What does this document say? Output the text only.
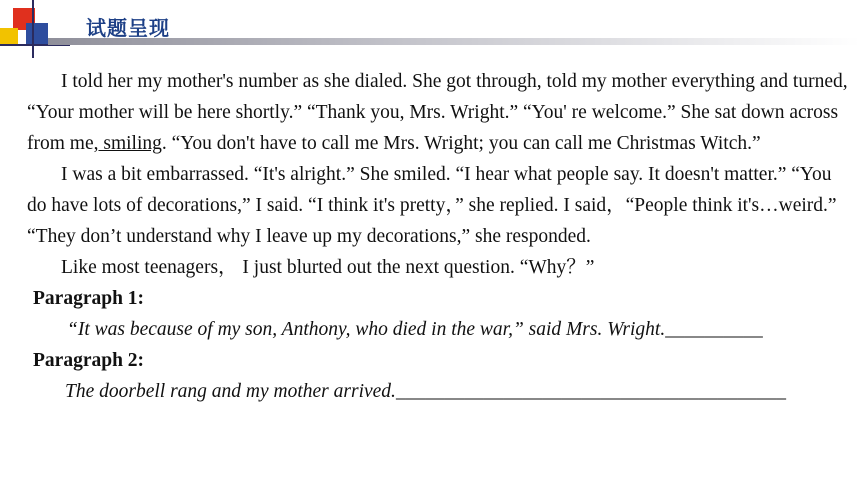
试题呈现

I told her my mother's number as she dialed. She got through, told my mother everything and turned, “Your mother will be here shortly.” “Thank you, Mrs. Wright.” “You' re welcome.” She sat down across from me, smiling. “You don't have to call me Mrs. Wright; you can call me Christmas Witch.”

I was a bit embarrassed. “It's alright.” She smiled. “I hear what people say. It doesn't matter.” “You do have lots of decorations,” I said. “I think it's pretty，” she replied. I said，“People think it's…weird.” “They don’t understand why I leave up my decorations,” she responded.

Like most teenagers， I just blurted out the next question. “Why？”

Paragraph 1:

“It was because of my son, Anthony, who died in the war,” said Mrs. Wright.__________

Paragraph 2:

The doorbell rang and my mother arrived.________________________________________
